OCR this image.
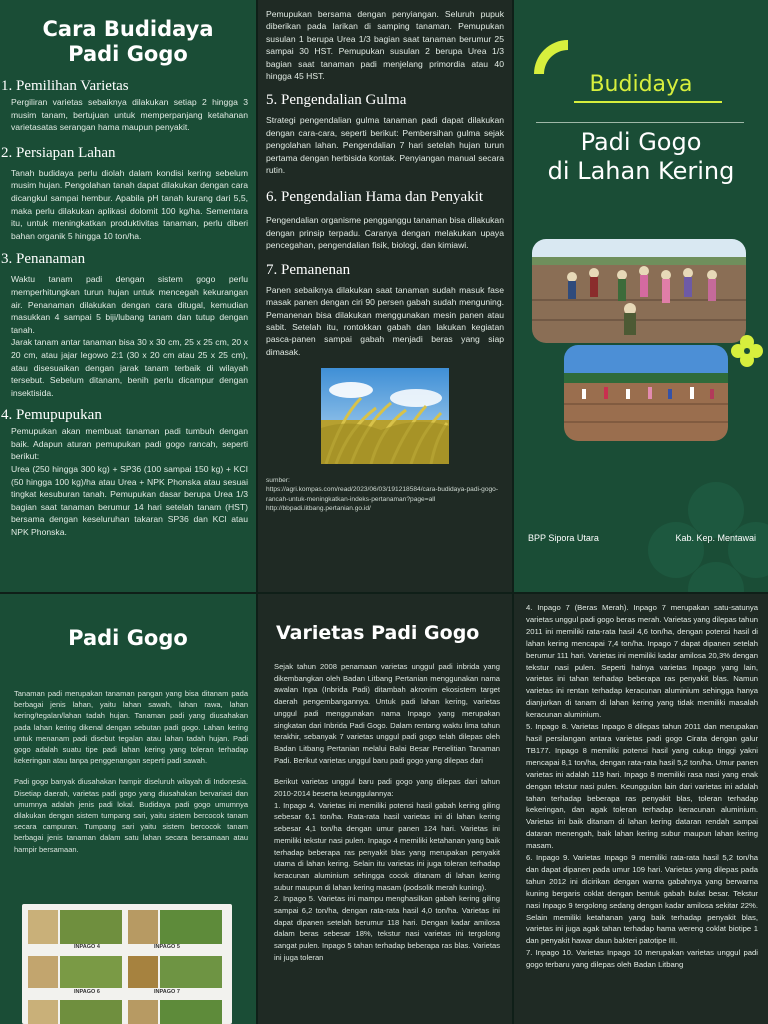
Cara Budidaya
Padi Gogo
1. Pemilihan Varietas
Pergiliran varietas sebaiknya dilakukan setiap 2 hingga 3 musim tanam, bertujuan untuk memperpanjang ketahanan varietasatas serangan hama maupun penyakit.
2. Persiapan Lahan
Tanah budidaya perlu diolah dalam kondisi kering sebelum musim hujan. Pengolahan tanah dapat dilakukan dengan cara dicangkul sampai hembur. Apabila pH tanah kurang dari 5,5, maka perlu dilakukan aplikasi dolomit 100 kg/ha. Sementara itu, untuk meningkatkan produktivitas tanaman, perlu diberi bahan organik 5 hingga 10 ton/ha.
3. Penanaman
Waktu tanam padi dengan sistem gogo perlu memperhitungkan turun hujan untuk mencegah kekurangan air. Penanaman dilakukan dengan cara ditugal, kemudian masukkan 4 sampai 5 biji/lubang tanam dan tutup dengan tanah.
Jarak tanam antar tanaman bisa 30 x 30 cm, 25 x 25 cm, 20 x 20 cm, atau jajar legowo 2:1 (30 x 20 cm atau 25 x 25 cm), atau disesuaikan dengan jarak tanam terbaik di wilayah tersebut. Sebelum ditanam, benih perlu dicampur dengan insektisida.
4. Pemupupukan
Pemupukan akan membuat tanaman padi tumbuh dengan baik. Adapun aturan pemupukan padi gogo rancah, seperti berikut:
Urea (250 hingga 300 kg) + SP36 (100 sampai 150 kg) + KCI (50 hingga 100 kg)/ha atau Urea + NPK Phonska atau sesuai tingkat kesuburan tanah. Pemupukan dasar berupa Urea 1/3 bagian saat tanaman berumur 14 hari setelah tanam (HST) bersama dengan keseluruhan takaran SP36 dan KCl atau NPK Phonska.
Pemupukan bersama dengan penyiangan. Seluruh pupuk diberikan pada larikan di samping tanaman. Pemupukan susulan 1 berupa Urea 1/3 bagian saat tanaman berumur 25 sampai 30 HST. Pemupukan susulan 2 berupa Urea 1/3 bagian saat tanaman padi menjelang primordia atau 40 hingga 45 HST.
5. Pengendalian Gulma
Strategi pengendalian gulma tanaman padi dapat dilakukan dengan cara-cara, seperti berikut: Pembersihan gulma sejak pengolahan lahan. Pengendalian 7 hari setelah hujan turun pertama dengan herbisida kontak. Penyiangan manual secara rutin.
6. Pengendalian Hama dan Penyakit
Pengendalian organisme pengganggu tanaman bisa dilakukan dengan prinsip terpadu. Caranya dengan melakukan upaya pencegahan, pengendalian fisik, biologi, dan kimiawi.
7. Pemanenan
Panen sebaiknya dilakukan saat tanaman sudah masuk fase masak panen dengan ciri 90 persen gabah sudah menguning. Pemanenan bisa dilakukan menggunakan mesin panen atau sabit. Setelah itu, rontokkan gabah dan lakukan kegiatan pasca-panen sampai gabah menjadi beras yang siap dimasak.
sumber:
https://agri.kompas.com/read/2023/06/03/191218584/cara-budidaya-padi-gogo-rancah-untuk-meningkatkan-indeks-pertanaman?page=all
http://bbpadi.litbang.pertanian.go.id/
Budidaya
Padi Gogo
di Lahan Kering
BPP Sipora Utara	Kab. Kep. Mentawai
Padi Gogo
Tanaman padi merupakan tanaman pangan yang bisa ditanam pada berbagai jenis lahan, yaitu lahan sawah, lahan rawa, lahan kering/tegalan/lahan tadah hujan. Tanaman padi yang diusahakan pada lahan kering dikenal dengan sebutan padi gogo. Lahan kering untuk menanam padi disebut tegalan atau lahan tadah hujan. Padi gogo adalah suatu tipe padi lahan kering yang toleran terhadap kekeringan atau tanpa penggenangan seperti padi sawah.
Padi gogo banyak diusahakan hampir diseluruh wilayah di Indonesia. Disetiap daerah, varietas padi gogo yang diusahakan bervariasi dan umumnya adalah jenis padi lokal. Budidaya padi gogo umumnya dilakukan dengan sistem tumpang sari, yaitu sistem bercocok tanam secara campuran. Tumpang sari yaitu sistem bercocok tanam berbagai jenis tanaman dalam satu lahan secara bersamaan atau hampir bersamaan.
INPAGO 4	INPAGO 5
INPAGO 6	INPAGO 7
Varietas Padi Gogo
Sejak tahun 2008 penamaan varietas unggul padi inbrida yang dikembangkan oleh Badan Litbang Pertanian menggunakan nama awalan Inpa (Inbrida Padi) ditambah akronim ekosistem target daerah pengembangannya. Untuk padi lahan kering, varietas unggul padi menggunakan nama Inpago yang merupakan singkatan dari Inbrida Padi Gogo. Dalam rentang waktu lima tahun terakhir, sebanyak 7 varietas unggul padi gogo telah dilepas oleh Badan Litbang Pertanian melalui Balai Besar Penelitian Tanaman Padi. Berikut varietas unggul baru padi gogo yang dilepas dari
Berikut varietas unggul baru padi gogo yang dilepas dari tahun 2010-2014 beserta keunggulannya:
1. Inpago 4. Varietas ini memiliki potensi hasil gabah kering giling sebesar 6,1 ton/ha. Rata-rata hasil varietas ini di lahan kering sebesar 4,1 ton/ha dengan umur panen 124 hari. Varietas ini memiliki tekstur nasi pulen. Inpago 4 memiliki ketahanan yang baik terhadap beberapa ras penyakit blas yang merupakan penyakit utama di lahan kering. Selain itu varietas ini juga toleran terhadap keracunan aluminium sehingga cocok ditanam di lahan kering subur maupun di lahan kering masam (podsolik merah kuning).
2. Inpago 5. Varietas ini mampu menghasilkan gabah kering giling sampai 6,2 ton/ha, dengan rata-rata hasil 4,0 ton/ha. Varietas ini dapat dipanen setelah berumur 118 hari. Dengan kadar amilosa dalam beras sebesar 18%, tekstur nasi varietas ini tergolong sangat pulen. Inpago 5 tahan terhadap beberapa ras blas. Varietas ini juga toleran
4. Inpago 7 (Beras Merah). Inpago 7 merupakan satu-satunya varietas unggul padi gogo beras merah. Varietas yang dilepas tahun 2011 ini memiliki rata-rata hasil 4,6 ton/ha, dengan potensi hasil di lahan kering mencapai 7,4 ton/ha. Inpago 7 dapat dipanen setelah berumur 111 hari. Varietas ini memiliki kadar amilosa 20,3% dengan tekstur nasi pulen. Seperti halnya varietas Inpago yang lain, varietas ini tahan terhadap beberapa ras penyakit blas. Namun varietas ini rentan terhadap keracunan aluminium sehingga hanya dianjurkan di tanam di lahan kering yang tidak memiliki masalah keracunan aluminium.
5. Inpago 8. Varietas Inpago 8 dilepas tahun 2011 dan merupakan hasil persilangan antara varietas padi gogo Cirata dengan galur TB177. Inpago 8 memiliki potensi hasil yang cukup tinggi yakni mencapai 8,1 ton/ha, dengan rata-rata hasil 5,2 ton/ha. Umur panen varietas ini adalah 119 hari. Inpago 8 memiliki rasa nasi yang enak dengan tekstur nasi pulen. Keunggulan lain dari varietas ini adalah tahan terhadap beberapa ras penyakit blas, toleran terhadap kekeringan, dan agak toleran terhadap keracunan aluminium. Varietas ini baik ditanam di lahan kering dataran rendah sampai dataran menengah, baik lahan kering subur maupun lahan kering masam.
6. Inpago 9. Varietas Inpago 9 memiliki rata-rata hasil 5,2 ton/ha dan dapat dipanen pada umur 109 hari. Varietas yang dilepas pada tahun 2012 ini dicirikan dengan warna gabahnya yang berwarna kuning bergaris coklat dengan bentuk gabah bulat besar. Tekstur nasi Inpago 9 tergolong sedang dengan kadar amilosa sekitar 22%. Selain memiliki ketahanan yang baik terhadap penyakit blas, varietas ini juga agak tahan terhadap hama wereng coklat biotipe 1 dan penyakit hawar daun bakteri patotipe III.
7. Inpago 10. Varietas Inpago 10 merupakan varietas unggul padi gogo terbaru yang dilepas oleh Badan Litbang
